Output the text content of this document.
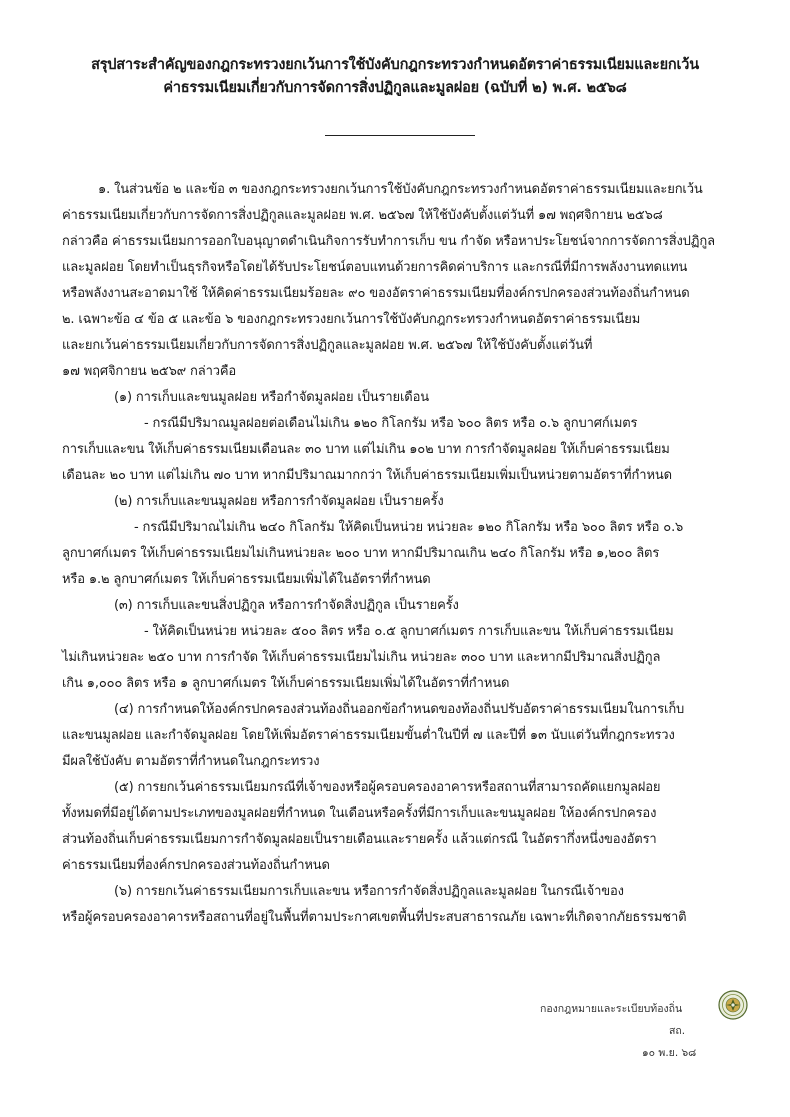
สรุปสาระสำคัญของกฎกระทรวงยกเว้นการใช้บังคับกฎกระทรวงกำหนดอัตราค่าธรรมเนียมและยกเว้น
ค่าธรรมเนียมเกี่ยวกับการจัดการสิ่งปฏิกูลและมูลฝอย (ฉบับที่ ๒) พ.ศ. ๒๕๖๘
๑. ในส่วนข้อ ๒ และข้อ ๓ ของกฎกระทรวงยกเว้นการใช้บังคับกฎกระทรวงกำหนดอัตราค่าธรรมเนียมและยกเว้น
ค่าธรรมเนียมเกี่ยวกับการจัดการสิ่งปฏิกูลและมูลฝอย พ.ศ. ๒๕๖๗ ให้ใช้บังคับตั้งแต่วันที่ ๑๗ พฤศจิกายน ๒๕๖๘
กล่าวคือ ค่าธรรมเนียมการออกใบอนุญาตดำเนินกิจการรับทำการเก็บ ขน กำจัด หรือหาประโยชน์จากการจัดการสิ่งปฏิกูล
และมูลฝอย โดยทำเป็นธุรกิจหรือโดยได้รับประโยชน์ตอบแทนด้วยการคิดค่าบริการ และกรณีที่มีการพลังงานทดแทน
หรือพลังงานสะอาดมาใช้ ให้คิดค่าธรรมเนียมร้อยละ ๙๐ ของอัตราค่าธรรมเนียมที่องค์กรปกครองส่วนท้องถิ่นกำหนด
๒. เฉพาะข้อ ๔ ข้อ ๕ และข้อ ๖ ของกฎกระทรวงยกเว้นการใช้บังคับกฎกระทรวงกำหนดอัตราค่าธรรมเนียม
และยกเว้นค่าธรรมเนียมเกี่ยวกับการจัดการสิ่งปฏิกูลและมูลฝอย พ.ศ. ๒๕๖๗ ให้ใช้บังคับตั้งแต่วันที่
๑๗ พฤศจิกายน ๒๕๖๙ กล่าวคือ
(๑) การเก็บและขนมูลฝอย หรือกำจัดมูลฝอย เป็นรายเดือน
- กรณีมีปริมาณมูลฝอยต่อเดือนไม่เกิน ๑๒๐ กิโลกรัม หรือ ๖๐๐ ลิตร หรือ ๐.๖ ลูกบาศก์เมตร
การเก็บและขน ให้เก็บค่าธรรมเนียมเดือนละ ๓๐ บาท แต่ไม่เกิน ๑๐๒ บาท การกำจัดมูลฝอย ให้เก็บค่าธรรมเนียม
เดือนละ ๒๐ บาท แต่ไม่เกิน ๗๐ บาท หากมีปริมาณมากกว่า ให้เก็บค่าธรรมเนียมเพิ่มเป็นหน่วยตามอัตราที่กำหนด
(๒) การเก็บและขนมูลฝอย หรือการกำจัดมูลฝอย เป็นรายครั้ง
- กรณีมีปริมาณไม่เกิน ๒๔๐ กิโลกรัม ให้คิดเป็นหน่วย หน่วยละ ๑๒๐ กิโลกรัม หรือ ๖๐๐ ลิตร หรือ ๐.๖
ลูกบาศก์เมตร ให้เก็บค่าธรรมเนียมไม่เกินหน่วยละ ๒๐๐ บาท หากมีปริมาณเกิน ๒๔๐ กิโลกรัม หรือ ๑,๒๐๐ ลิตร
หรือ ๑.๒ ลูกบาศก์เมตร ให้เก็บค่าธรรมเนียมเพิ่มได้ในอัตราที่กำหนด
(๓) การเก็บและขนสิ่งปฏิกูล หรือการกำจัดสิ่งปฏิกูล เป็นรายครั้ง
- ให้คิดเป็นหน่วย หน่วยละ ๕๐๐ ลิตร หรือ ๐.๕ ลูกบาศก์เมตร การเก็บและขน ให้เก็บค่าธรรมเนียม
ไม่เกินหน่วยละ ๒๕๐ บาท การกำจัด ให้เก็บค่าธรรมเนียมไม่เกิน หน่วยละ ๓๐๐ บาท และหากมีปริมาณสิ่งปฏิกูล
เกิน ๑,๐๐๐ ลิตร หรือ ๑ ลูกบาศก์เมตร ให้เก็บค่าธรรมเนียมเพิ่มได้ในอัตราที่กำหนด
(๔) การกำหนดให้องค์กรปกครองส่วนท้องถิ่นออกข้อกำหนดของท้องถิ่นปรับอัตราค่าธรรมเนียมในการเก็บ
และขนมูลฝอย และกำจัดมูลฝอย โดยให้เพิ่มอัตราค่าธรรมเนียมขั้นต่ำในปีที่ ๗ และปีที่ ๑๓ นับแต่วันที่กฎกระทรวง
มีผลใช้บังคับ ตามอัตราที่กำหนดในกฎกระทรวง
(๕) การยกเว้นค่าธรรมเนียมกรณีที่เจ้าของหรือผู้ครอบครองอาคารหรือสถานที่สามารถคัดแยกมูลฝอย
ทั้งหมดที่มีอยู่ได้ตามประเภทของมูลฝอยที่กำหนด ในเดือนหรือครั้งที่มีการเก็บและขนมูลฝอย ให้องค์กรปกครอง
ส่วนท้องถิ่นเก็บค่าธรรมเนียมการกำจัดมูลฝอยเป็นรายเดือนและรายครั้ง แล้วแต่กรณี ในอัตรากึ่งหนึ่งของอัตรา
ค่าธรรมเนียมที่องค์กรปกครองส่วนท้องถิ่นกำหนด
(๖) การยกเว้นค่าธรรมเนียมการเก็บและขน หรือการกำจัดสิ่งปฏิกูลและมูลฝอย ในกรณีเจ้าของ
หรือผู้ครอบครองอาคารหรือสถานที่อยู่ในพื้นที่ตามประกาศเขตพื้นที่ประสบสาธารณภัย เฉพาะที่เกิดจากภัยธรรมชาติ
กองกฎหมายและระเบียบท้องถิ่น
สถ.
๑๐ พ.ย. ๖๘
